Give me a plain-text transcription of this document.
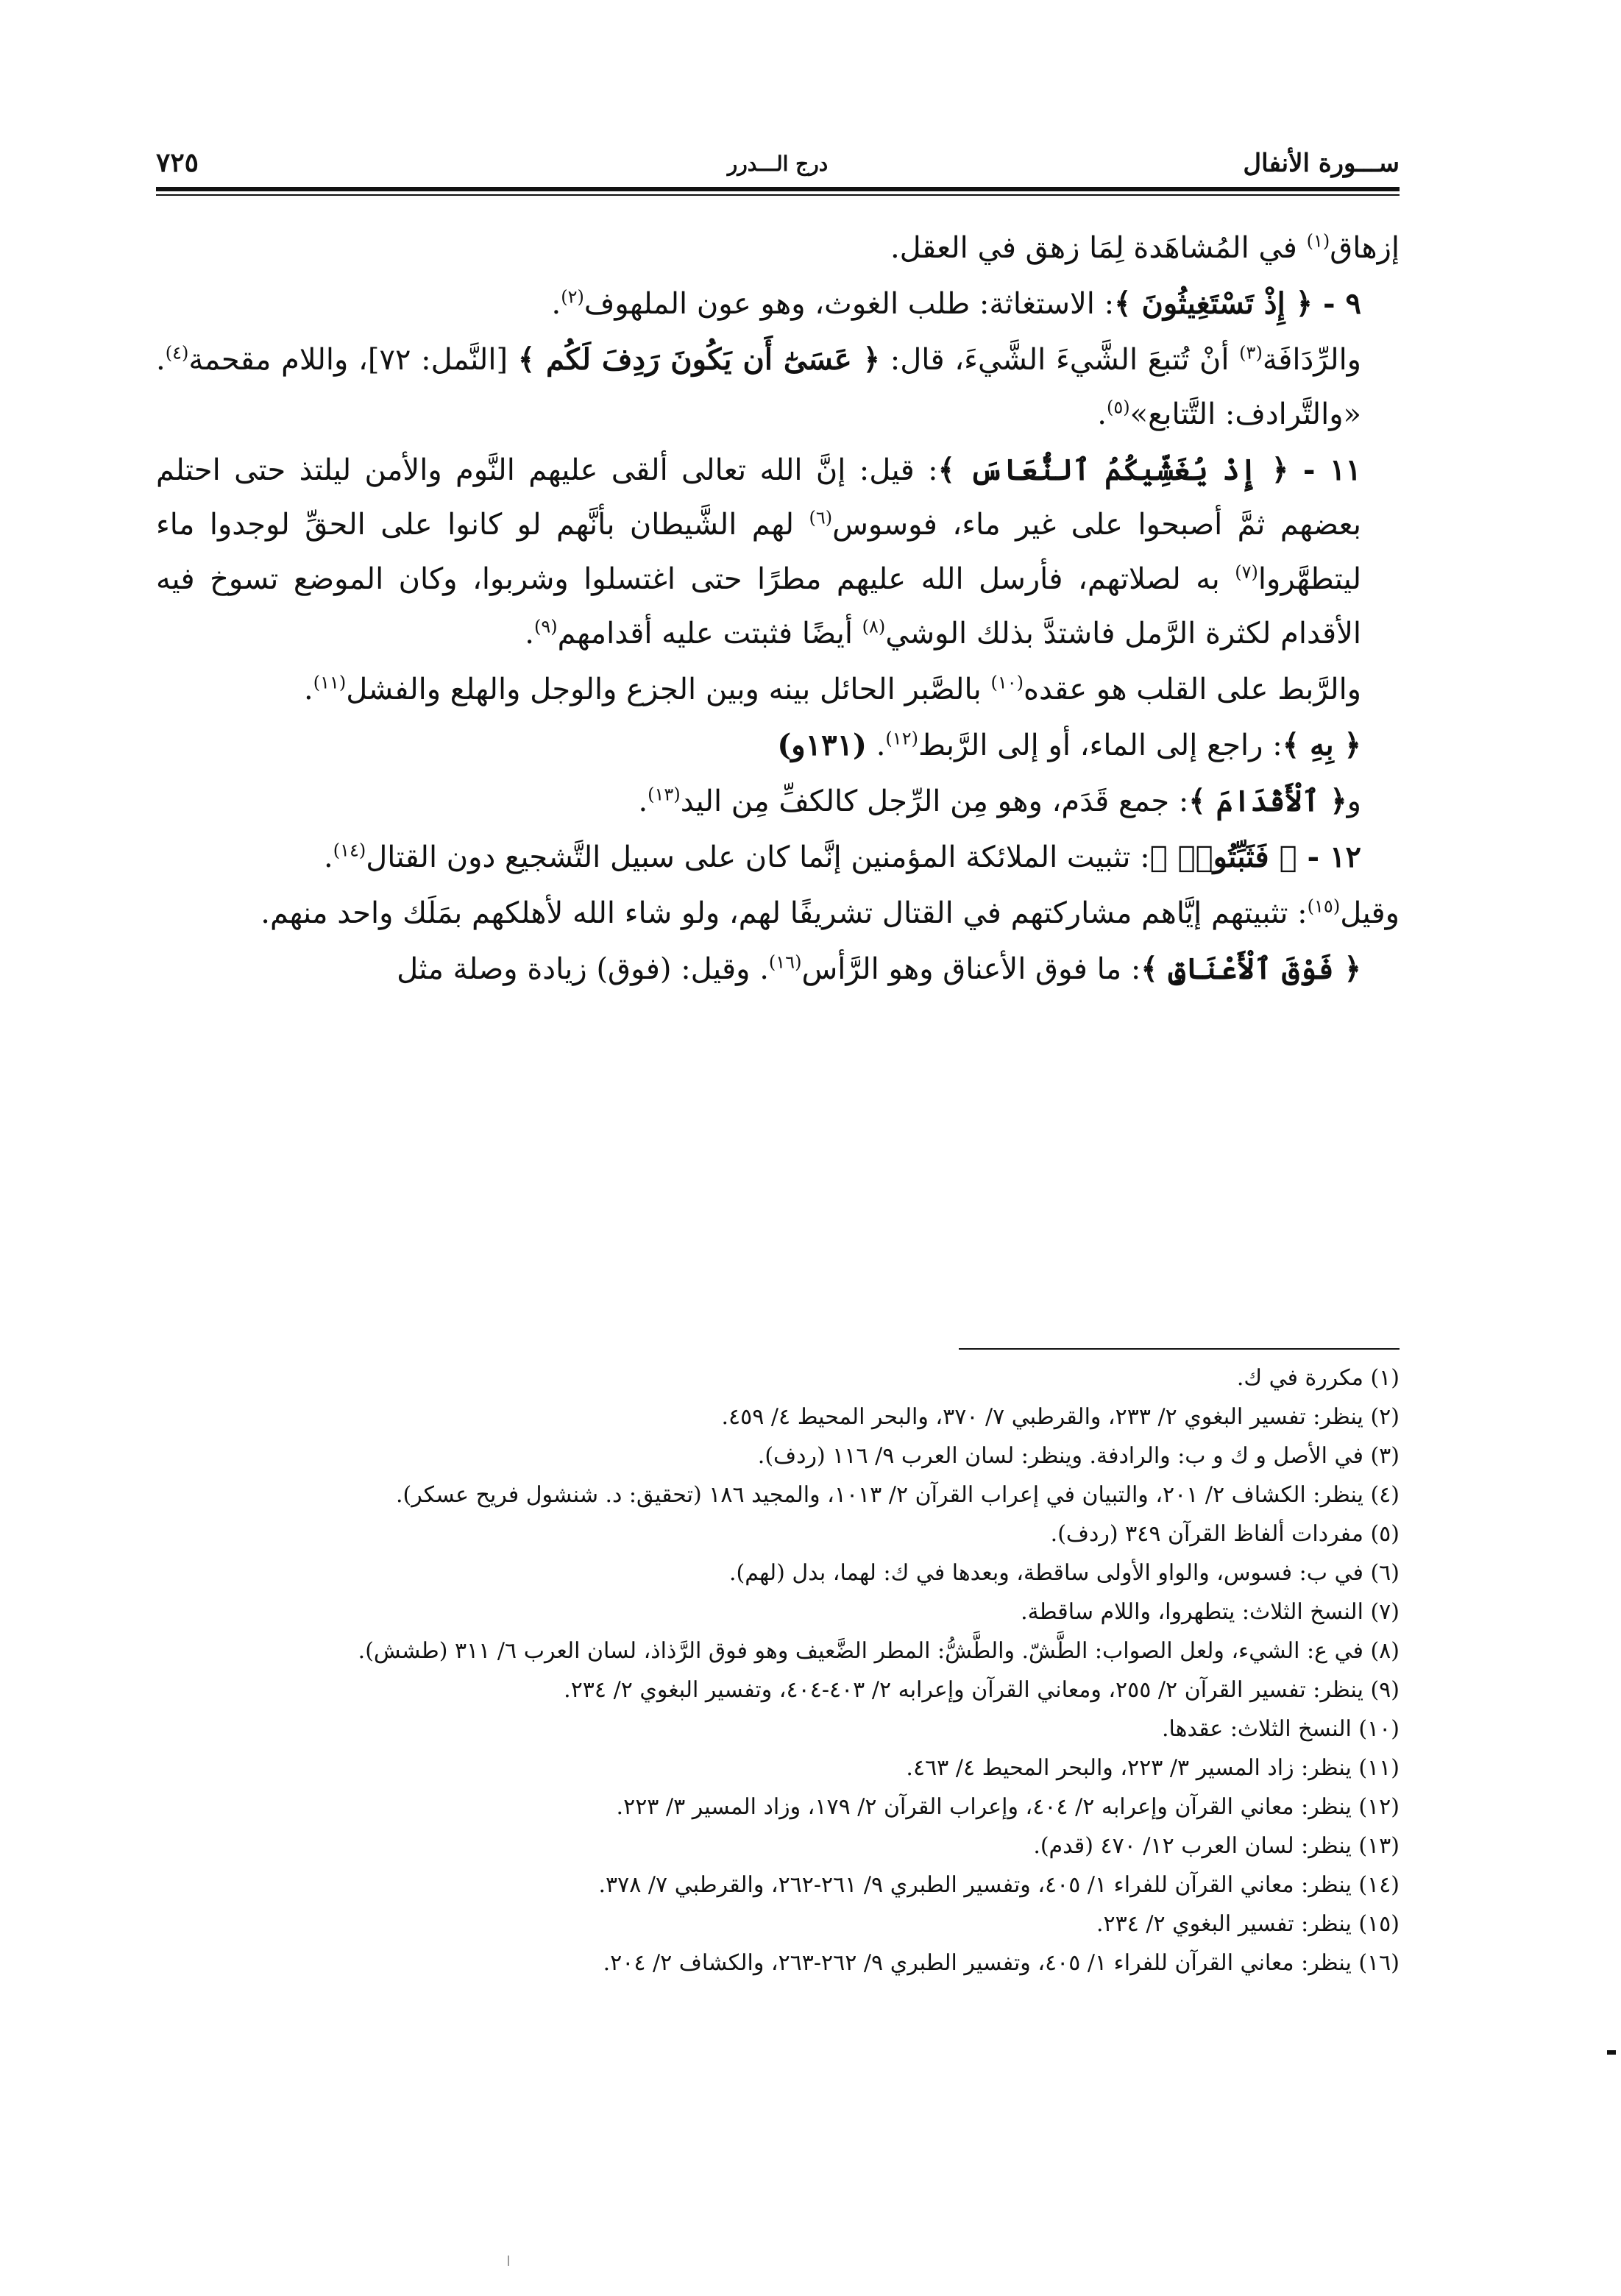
ســـورة الأنفال
درج الـــدرر
٧٢٥

إزهاق$^{(١)}$ في المُشاهَدة لِمَا زهق في العقل.

٩ - ﴿ إِذْ تَسْتَغِيثُونَ ﴾: الاستغاثة: طلب الغوث، وهو عون الملهوف$^{(٢)}$.

والرِّدَافَة$^{(٣)}$ أنْ تُتبعَ الشَّيءَ الشَّيءَ، قال: ﴿ عَسَىٰٓ أَن يَكُونَ رَدِفَ لَكُم ﴾ [النَّمل: ٧٢]، واللام مقحمة$^{(٤)}$. «والتَّرادف: التَّتابع»$^{(٥)}$.

١١ - ﴿ إِذْ يُغَشِّيكُمُ ٱلنُّعَاسَ ﴾: قيل: إنَّ الله تعالى ألقى عليهم النَّوم والأمن ليلتذ حتى احتلم بعضهم ثمَّ أصبحوا على غير ماء، فوسوس$^{(٦)}$ لهم الشَّيطان بأنَّهم لو كانوا على الحقِّ لوجدوا ماء ليتطهَّروا$^{(٧)}$ به لصلاتهم، فأرسل الله عليهم مطرًا حتى اغتسلوا وشربوا، وكان الموضع تسوخ فيه الأقدام لكثرة الرَّمل فاشتدَّ بذلك الوشي$^{(٨)}$ أيضًا فثبتت عليه أقدامهم$^{(٩)}$.

والرَّبط على القلب هو عقده$^{(١٠)}$ بالصَّبر الحائل بينه وبين الجزع والوجل والهلع والفشل$^{(١١)}$.

﴿ بِهِ ﴾: راجع إلى الماء، أو إلى الرَّبط$^{(١٢)}$. (١٣١و)

و﴿ ٱلْأَقْدَامَ ﴾: جمع قَدَم، وهو مِن الرِّجل كالكفِّ مِن اليد$^{(١٣)}$.

١٢ - ﴿ فَثَبِّتُوا۟ ﴾: تثبيت الملائكة المؤمنين إنَّما كان على سبيل التَّشجيع دون القتال$^{(١٤)}$.

وقيل$^{(١٥)}$: تثبيتهم إيَّاهم مشاركتهم في القتال تشريفًا لهم، ولو شاء الله لأهلكهم بمَلَك واحد منهم.

﴿ فَوْقَ ٱلْأَعْنَاقِ ﴾: ما فوق الأعناق وهو الرَّأس$^{(١٦)}$. وقيل: (فوق) زيادة وصلة مثل

(١) مكررة في ك.
(٢) ينظر: تفسير البغوي ٢/ ٢٣٣، والقرطبي ٧/ ٣٧٠، والبحر المحيط ٤/ ٤٥٩.
(٣) في الأصل و ك و ب: والرادفة. وينظر: لسان العرب ٩/ ١١٦ (ردف).
(٤) ينظر: الكشاف ٢/ ٢٠١، والتبيان في إعراب القرآن ٢/ ١٠١٣، والمجيد ١٨٦ (تحقيق: د. شنشول فريح عسكر).
(٥) مفردات ألفاظ القرآن ٣٤٩ (ردف).
(٦) في ب: فسوس، والواو الأولى ساقطة، وبعدها في ك: لهما، بدل (لهم).
(٧) النسخ الثلاث: يتطهروا، واللام ساقطة.
(٨) في ع: الشيء، ولعل الصواب: الطَّشّ. والطَّشُّ: المطر الضَّعيف وهو فوق الرَّذاذ، لسان العرب ٦/ ٣١١ (طشش).
(٩) ينظر: تفسير القرآن ٢/ ٢٥٥، ومعاني القرآن وإعرابه ٢/ ٤٠٣-٤٠٤، وتفسير البغوي ٢/ ٢٣٤.
(١٠) النسخ الثلاث: عقدها.
(١١) ينظر: زاد المسير ٣/ ٢٢٣، والبحر المحيط ٤/ ٤٦٣.
(١٢) ينظر: معاني القرآن وإعرابه ٢/ ٤٠٤، وإعراب القرآن ٢/ ١٧٩، وزاد المسير ٣/ ٢٢٣.
(١٣) ينظر: لسان العرب ١٢/ ٤٧٠ (قدم).
(١٤) ينظر: معاني القرآن للفراء ١/ ٤٠٥، وتفسير الطبري ٩/ ٢٦١-٢٦٢، والقرطبي ٧/ ٣٧٨.
(١٥) ينظر: تفسير البغوي ٢/ ٢٣٤.
(١٦) ينظر: معاني القرآن للفراء ١/ ٤٠٥، وتفسير الطبري ٩/ ٢٦٢-٢٦٣، والكشاف ٢/ ٢٠٤.
